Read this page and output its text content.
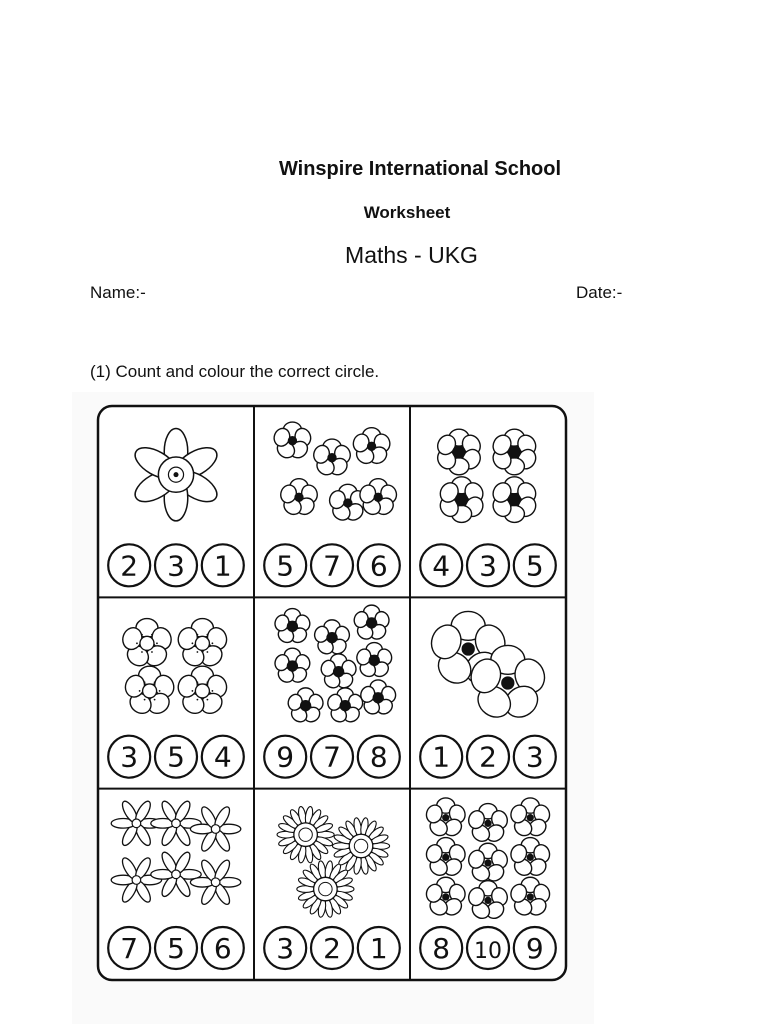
Winspire International School
Worksheet
Maths - UKG
Name:-	Date:-
(1) Count and colour the correct circle.
2 3 1 5 7 6 4 3 5
3 5 4 9 7 8 1 2 3
7 5 6 3 2 1 8 10 9
